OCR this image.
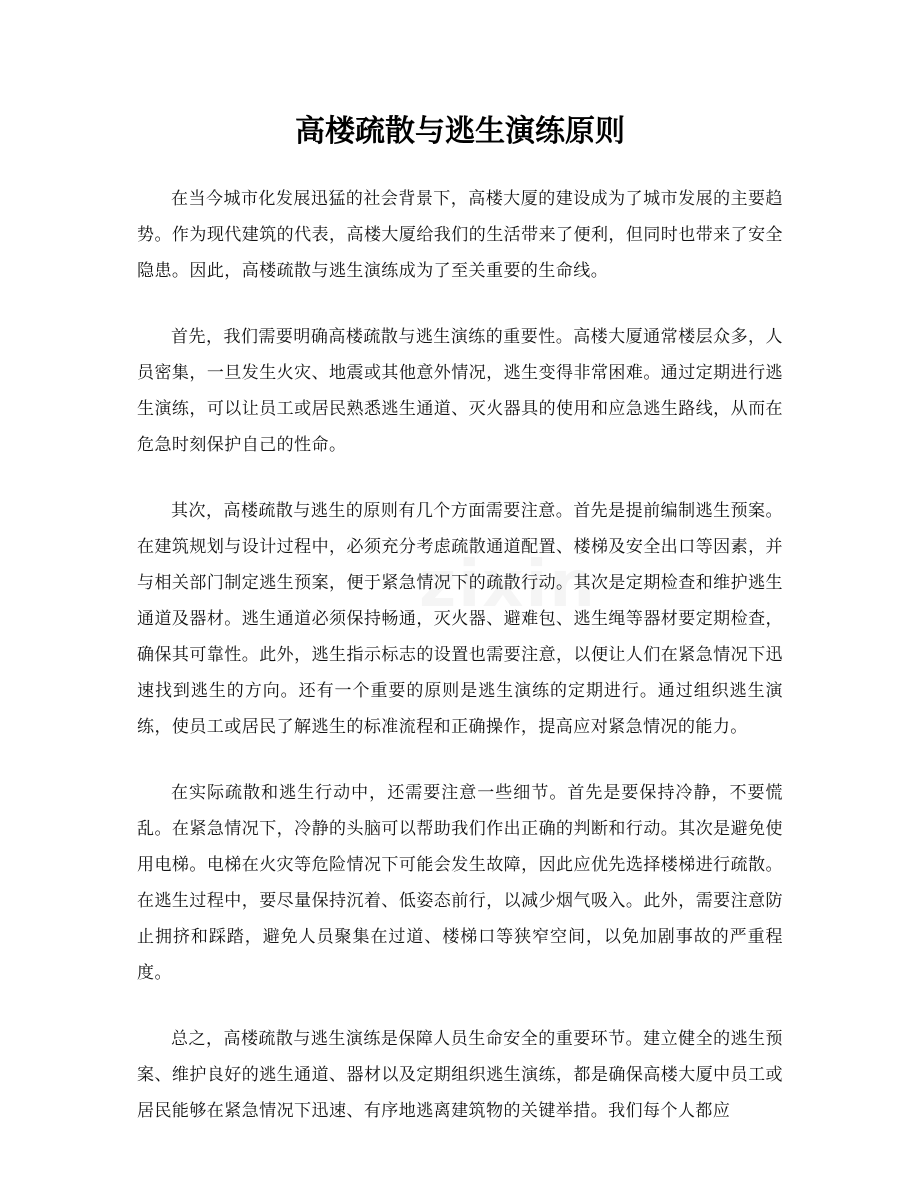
zixin
高楼疏散与逃生演练原则

在当今城市化发展迅猛的社会背景下，高楼大厦的建设成为了城市发展的主要趋势。作为现代建筑的代表，高楼大厦给我们的生活带来了便利，但同时也带来了安全隐患。因此，高楼疏散与逃生演练成为了至关重要的生命线。

首先，我们需要明确高楼疏散与逃生演练的重要性。高楼大厦通常楼层众多，人员密集，一旦发生火灾、地震或其他意外情况，逃生变得非常困难。通过定期进行逃生演练，可以让员工或居民熟悉逃生通道、灭火器具的使用和应急逃生路线，从而在危急时刻保护自己的性命。

其次，高楼疏散与逃生的原则有几个方面需要注意。首先是提前编制逃生预案。在建筑规划与设计过程中，必须充分考虑疏散通道配置、楼梯及安全出口等因素，并与相关部门制定逃生预案，便于紧急情况下的疏散行动。其次是定期检查和维护逃生通道及器材。逃生通道必须保持畅通，灭火器、避难包、逃生绳等器材要定期检查，确保其可靠性。此外，逃生指示标志的设置也需要注意，以便让人们在紧急情况下迅速找到逃生的方向。还有一个重要的原则是逃生演练的定期进行。通过组织逃生演练，使员工或居民了解逃生的标准流程和正确操作，提高应对紧急情况的能力。

在实际疏散和逃生行动中，还需要注意一些细节。首先是要保持冷静，不要慌乱。在紧急情况下，冷静的头脑可以帮助我们作出正确的判断和行动。其次是避免使用电梯。电梯在火灾等危险情况下可能会发生故障，因此应优先选择楼梯进行疏散。在逃生过程中，要尽量保持沉着、低姿态前行，以减少烟气吸入。此外，需要注意防止拥挤和踩踏，避免人员聚集在过道、楼梯口等狭窄空间，以免加剧事故的严重程度。

总之，高楼疏散与逃生演练是保障人员生命安全的重要环节。建立健全的逃生预案、维护良好的逃生通道、器材以及定期组织逃生演练，都是确保高楼大厦中员工或居民能够在紧急情况下迅速、有序地逃离建筑物的关键举措。我们每个人都应
